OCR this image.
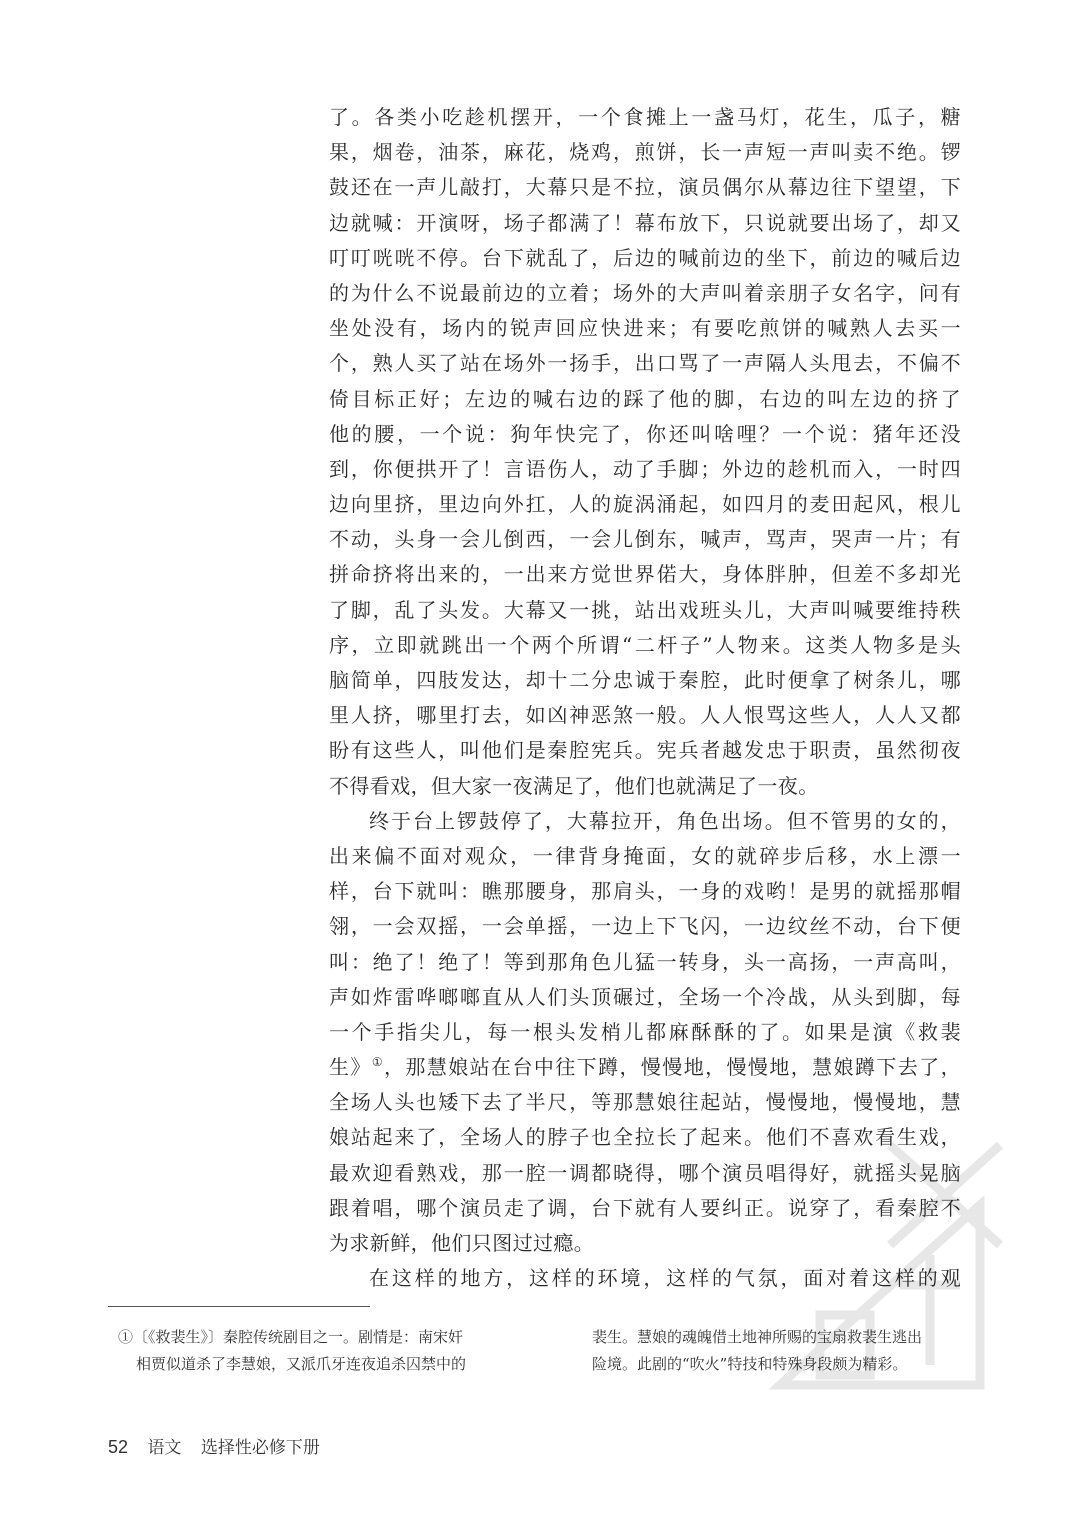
了。各类小吃趁机摆开，一个食摊上一盏马灯，花生，瓜子，糖
果，烟卷，油茶，麻花，烧鸡，煎饼，长一声短一声叫卖不绝。锣
鼓还在一声儿敲打，大幕只是不拉，演员偶尔从幕边往下望望，下
边就喊：开演呀，场子都满了！幕布放下，只说就要出场了，却又
叮叮咣咣不停。台下就乱了，后边的喊前边的坐下，前边的喊后边
的为什么不说最前边的立着；场外的大声叫着亲朋子女名字，问有
坐处没有，场内的锐声回应快进来；有要吃煎饼的喊熟人去买一
个，熟人买了站在场外一扬手，出口骂了一声隔人头甩去，不偏不
倚目标正好；左边的喊右边的踩了他的脚，右边的叫左边的挤了
他的腰，一个说：狗年快完了，你还叫啥哩？一个说：猪年还没
到，你便拱开了！言语伤人，动了手脚；外边的趁机而入，一时四
边向里挤，里边向外扛，人的旋涡涌起，如四月的麦田起风，根儿
不动，头身一会儿倒西，一会儿倒东，喊声，骂声，哭声一片；有
拼命挤将出来的，一出来方觉世界偌大，身体胖肿，但差不多却光
了脚，乱了头发。大幕又一挑，站出戏班头儿，大声叫喊要维持秩
序，立即就跳出一个两个所谓“二杆子”人物来。这类人物多是头
脑简单，四肢发达，却十二分忠诚于秦腔，此时便拿了树条儿，哪
里人挤，哪里打去，如凶神恶煞一般。人人恨骂这些人，人人又都
盼有这些人，叫他们是秦腔宪兵。宪兵者越发忠于职责，虽然彻夜
不得看戏，但大家一夜满足了，他们也就满足了一夜。
终于台上锣鼓停了，大幕拉开，角色出场。但不管男的女的，
出来偏不面对观众，一律背身掩面，女的就碎步后移，水上漂一
样，台下就叫：瞧那腰身，那肩头，一身的戏哟！是男的就摇那帽
翎，一会双摇，一会单摇，一边上下飞闪，一边纹丝不动，台下便
叫：绝了！绝了！等到那角色儿猛一转身，头一高扬，一声高叫，
声如炸雷哗啷啷直从人们头顶碾过，全场一个冷战，从头到脚，每
一个手指尖儿，每一根头发梢儿都麻酥酥的了。如果是演《救裴
生》①，那慧娘站在台中往下蹲，慢慢地，慢慢地，慧娘蹲下去了，
全场人头也矮下去了半尺，等那慧娘往起站，慢慢地，慢慢地，慧
娘站起来了，全场人的脖子也全拉长了起来。他们不喜欢看生戏，
最欢迎看熟戏，那一腔一调都晓得，哪个演员唱得好，就摇头晃脑
跟着唱，哪个演员走了调，台下就有人要纠正。说穿了，看秦腔不
为求新鲜，他们只图过过瘾。
在这样的地方，这样的环境，这样的气氛，面对着这样的观
①〔《救裴生》〕秦腔传统剧目之一。剧情是：南宋奸
相贾似道杀了李慧娘，又派爪牙连夜追杀囚禁中的
裴生。慧娘的魂魄借土地神所赐的宝扇救裴生逃出
险境。此剧的“吹火”特技和特殊身段颇为精彩。
52 语文 选择性必修下册
